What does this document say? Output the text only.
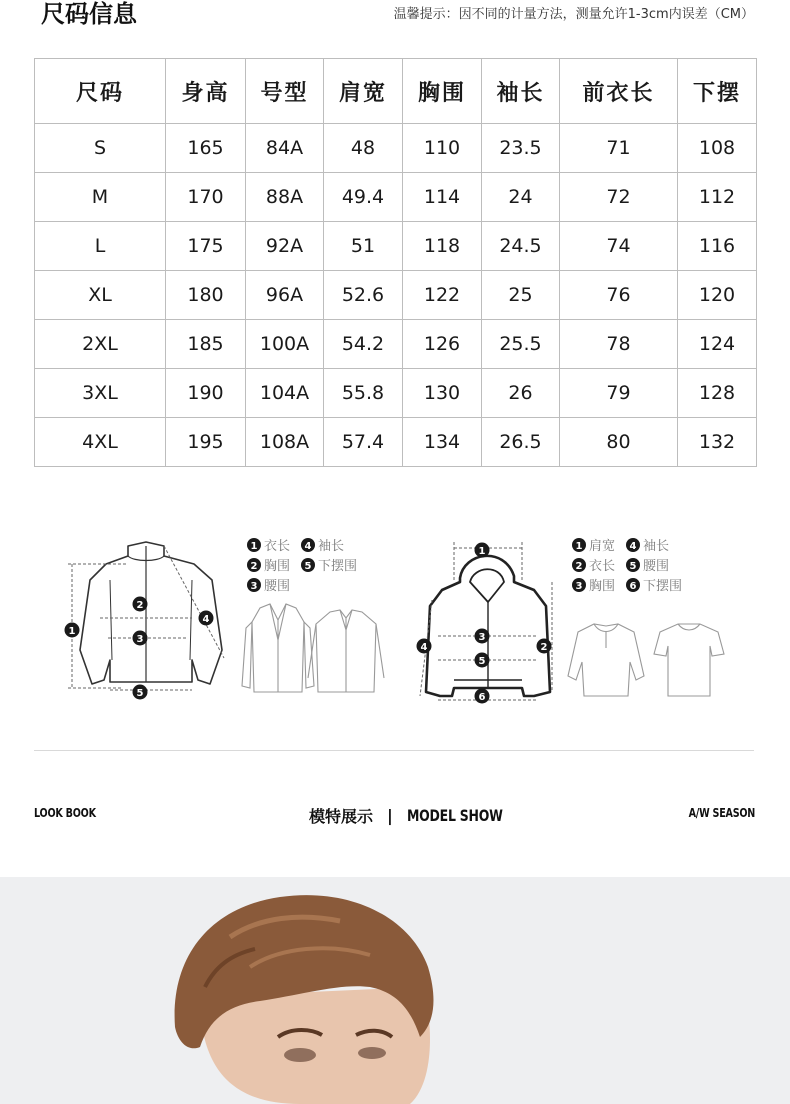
尺码信息	温馨提示：因不同的计量方法，测量允许1-3cm内误差（CM）
尺码	身高	号型	肩宽	胸围	袖长	前衣长	下摆
S	165	84A	48	110	23.5	71	108
M	170	88A	49.4	114	24	72	112
L	175	92A	51	118	24.5	74	116
XL	180	96A	52.6	122	25	76	120
2XL	185	100A	54.2	126	25.5	78	124
3XL	190	104A	55.8	130	26	79	128
4XL	195	108A	57.4	134	26.5	80	132
1
2
3
4
5
1 衣长 4 袖长
2 胸围 5 下摆围
3 腰围
1
2
3
4
5
6
1 肩宽 4 袖长
2 衣长 5 腰围
3 胸围 6 下摆围
LOOK BOOK	模特展示 | MODEL SHOW	A/W SEASON
